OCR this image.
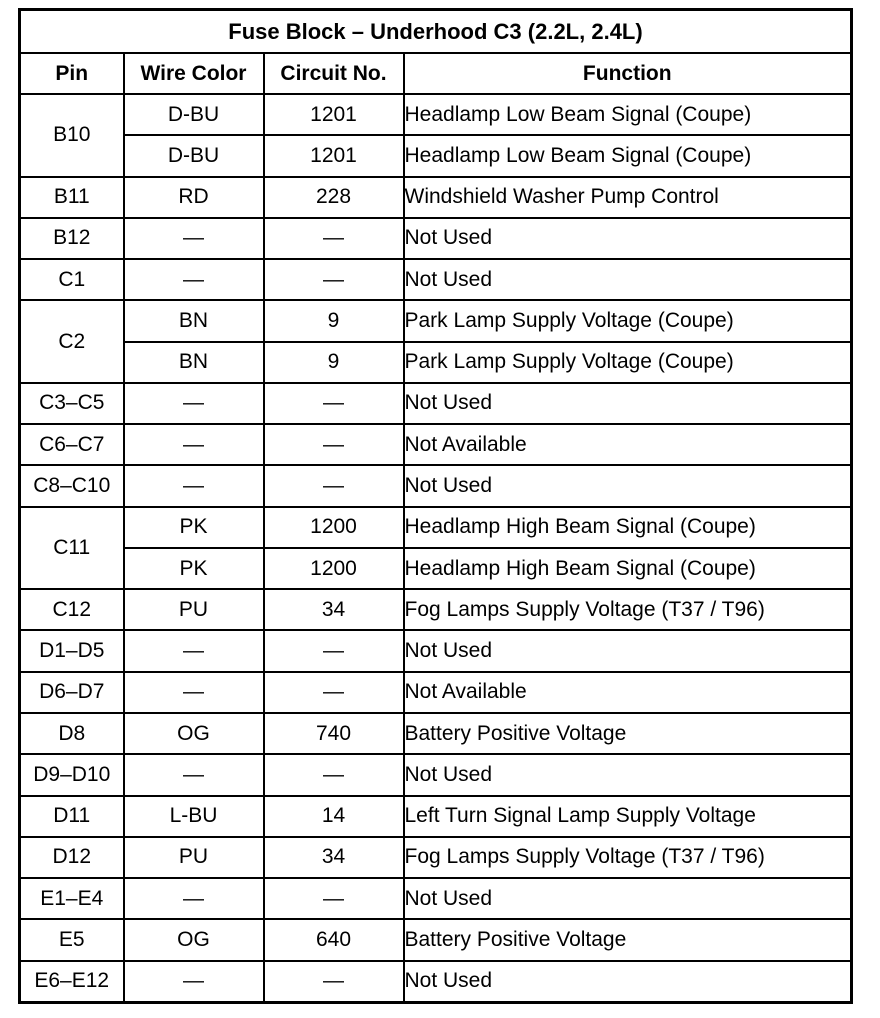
Fuse Block – Underhood C3 (2.2L, 2.4L)			
Pin	Wire Color	Circuit No.	Function
B10	D-BU	1201	Headlamp Low Beam Signal (Coupe)
	D-BU	1201	Headlamp Low Beam Signal (Coupe)
B11	RD	228	Windshield Washer Pump Control
B12	—	—	Not Used
C1	—	—	Not Used
C2	BN	9	Park Lamp Supply Voltage (Coupe)
	BN	9	Park Lamp Supply Voltage (Coupe)
C3–C5	—	—	Not Used
C6–C7	—	—	Not Available
C8–C10	—	—	Not Used
C11	PK	1200	Headlamp High Beam Signal (Coupe)
	PK	1200	Headlamp High Beam Signal (Coupe)
C12	PU	34	Fog Lamps Supply Voltage (T37 / T96)
D1–D5	—	—	Not Used
D6–D7	—	—	Not Available
D8	OG	740	Battery Positive Voltage
D9–D10	—	—	Not Used
D11	L-BU	14	Left Turn Signal Lamp Supply Voltage
D12	PU	34	Fog Lamps Supply Voltage (T37 / T96)
E1–E4	—	—	Not Used
E5	OG	640	Battery Positive Voltage
E6–E12	—	—	Not Used
